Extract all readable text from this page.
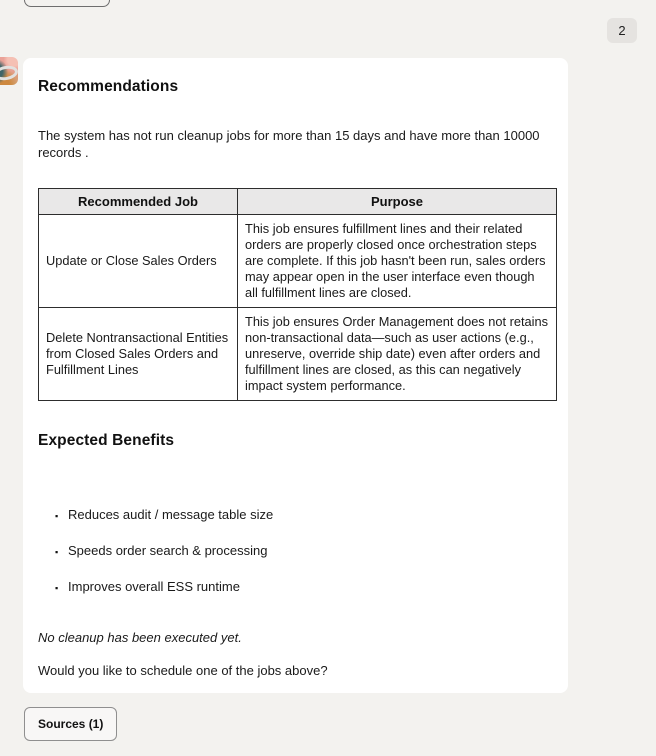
2
Recommendations

The system has not run cleanup jobs for more than 15 days and have more than 10000 records .

Recommended Job	Purpose
Update or Close Sales Orders	This job ensures fulfillment lines and their related orders are properly closed once orchestration steps are complete. If this job hasn't been run, sales orders may appear open in the user interface even though all fulfillment lines are closed.
Delete Nontransactional Entities from Closed Sales Orders and Fulfillment Lines	This job ensures Order Management does not retains non-transactional data—such as user actions (e.g., unreserve, override ship date) even after orders and fulfillment lines are closed, as this can negatively impact system performance.
Expected Benefits
▪ Reduces audit / message table size
▪ Speeds order search & processing
▪ Improves overall ESS runtime

No cleanup has been executed yet.

Would you like to schedule one of the jobs above?

Sources (1)
